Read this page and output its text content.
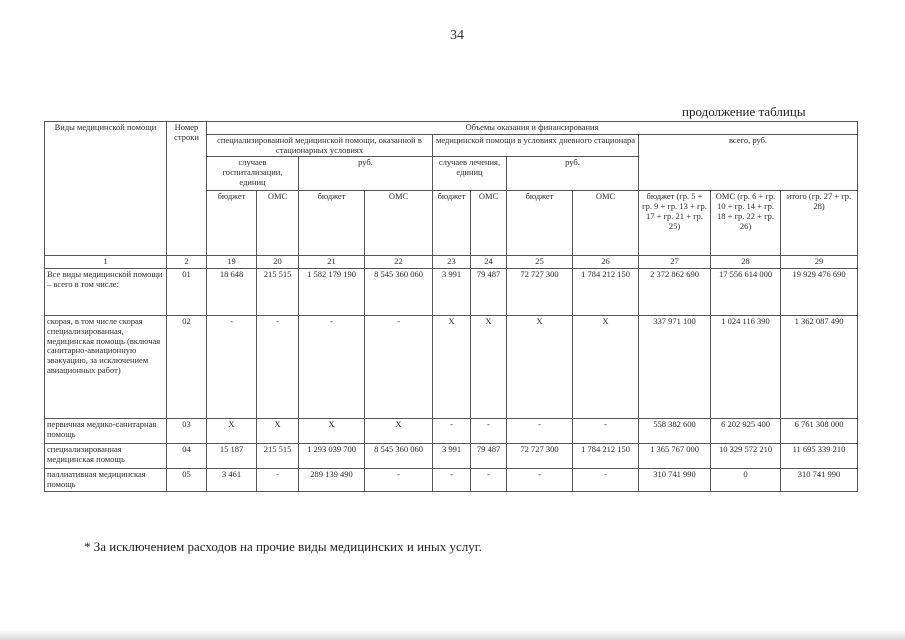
34
продолжение таблицы
Виды медицинской помощи	Номер строки	Объемы оказания и финансирования										
		специализированной медицинской помощи, оказанной в стационарных условиях				медицинской помощи в условиях дневного стационара				всего, руб.		
		случаев госпитализации, единиц		руб.		случаев лечения, единиц		руб.				
		бюджет	ОМС	бюджет	ОМС	бюджет	ОМС	бюджет	ОМС	бюджет (гр. 5 + гр. 9 + гр. 13 + гр. 17 + гр. 21 + гр. 25)	ОМС (гр. 6 + гр. 10 + гр. 14 + гр. 18 + гр. 22 + гр. 26)	итого (гр. 27 + гр. 28)
1	2	19	20	21	22	23	24	25	26	27	28	29
Все виды медицинской помощи – всего в том числе:	01	18 648	215 515	1 582 179 190	8 545 360 060	3 991	79 487	72 727 300	1 784 212 150	2 372 862 690	17 556 614 000	19 929 476 690
скорая, в том числе скорая специализированная, медицинская помощь (включая санитарно-авиационную эвакуацию, за исключением авиационных работ)	02	-	-	-	-	X	X	X	X	337 971 100	1 024 116 390	1 362 087 490
первичная медико-санитарная помощь	03	X	X	X	X	-	-	-	-	558 382 600	6 202 925 400	6 761 308 000
специализированная медицинская помощь	04	15 187	215 515	1 293 039 700	8 545 360 060	3 991	79 487	72 727 300	1 784 212 150	1 365 767 000	10 329 572 210	11 695 339 210
паллиативная медицинская помощь	05	3 461	-	289 139 490	-	-	-	-	-	310 741 990	0	310 741 990
* За исключением расходов на прочие виды медицинских и иных услуг.
